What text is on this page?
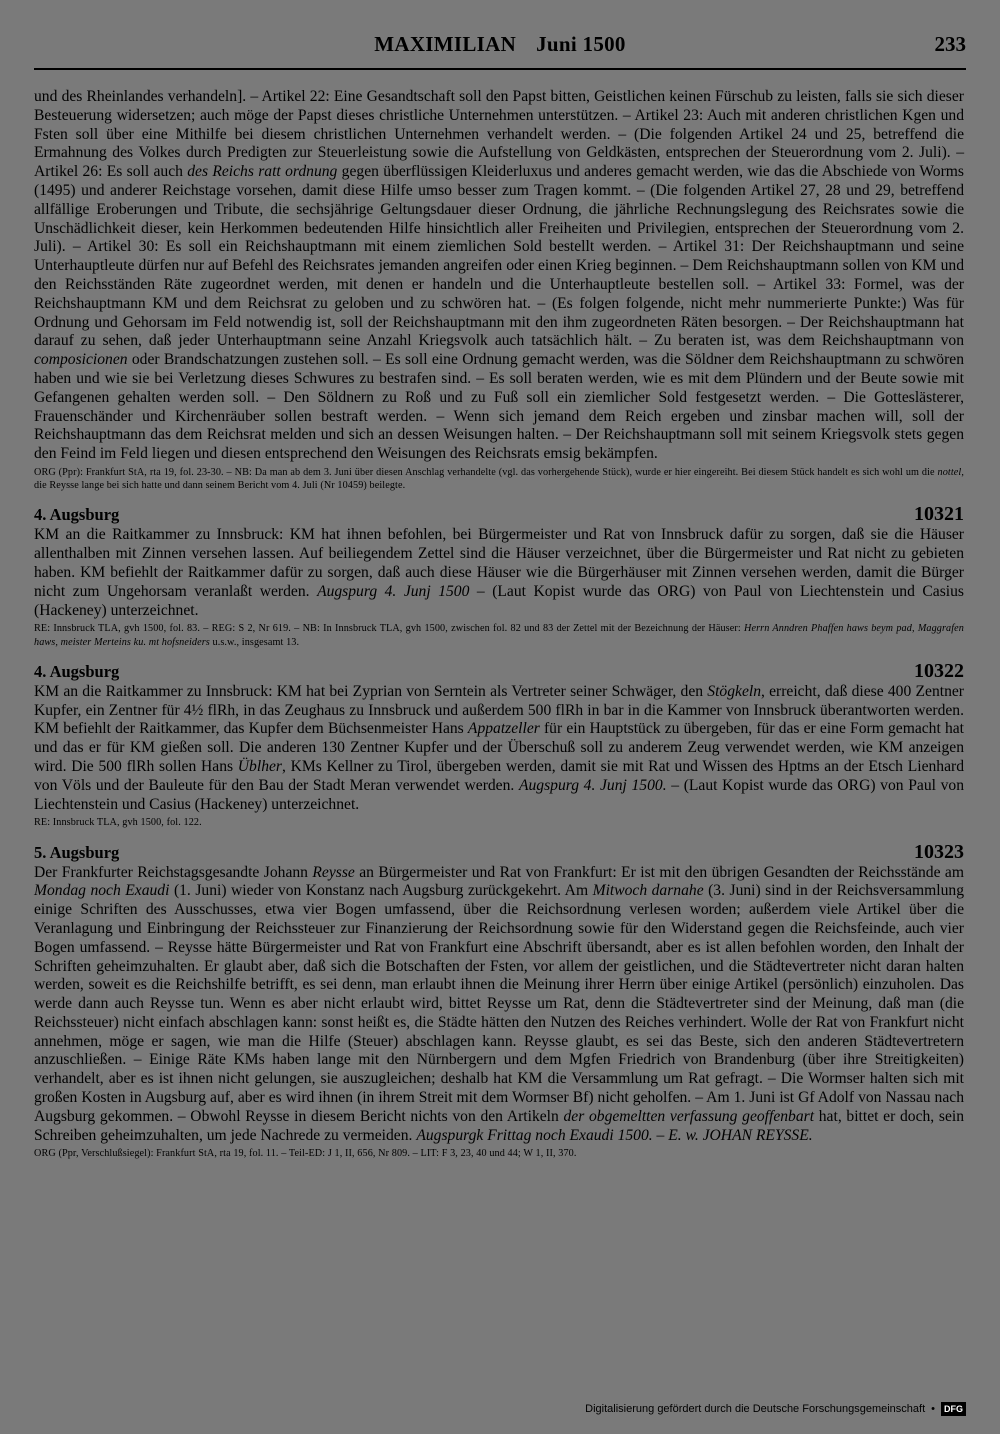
MAXIMILIAN Juni 1500	233

und des Rheinlandes verhandeln]. – Artikel 22: Eine Gesandtschaft soll den Papst bitten, Geistlichen keinen Fürschub zu leisten, falls sie sich dieser Besteuerung widersetzen; auch möge der Papst dieses christliche Unternehmen unterstützen. – Artikel 23: Auch mit anderen christlichen Kgen und Fsten soll über eine Mithilfe bei diesem christlichen Unternehmen verhandelt werden. – (Die folgenden Artikel 24 und 25, betreffend die Ermahnung des Volkes durch Predigten zur Steuerleistung sowie die Aufstellung von Geldkästen, entsprechen der Steuerordnung vom 2. Juli). – Artikel 26: Es soll auch des Reichs ratt ordnung gegen überflüssigen Kleiderluxus und anderes gemacht werden, wie das die Abschiede von Worms (1495) und anderer Reichstage vorsehen, damit diese Hilfe umso besser zum Tragen kommt. – (Die folgenden Artikel 27, 28 und 29, betreffend allfällige Eroberungen und Tribute, die sechsjährige Geltungsdauer dieser Ordnung, die jährliche Rechnungslegung des Reichsrates sowie die Unschädlichkeit dieser, kein Herkommen bedeutenden Hilfe hinsichtlich aller Freiheiten und Privilegien, entsprechen der Steuerordnung vom 2. Juli). – Artikel 30: Es soll ein Reichshauptmann mit einem ziemlichen Sold bestellt werden. – Artikel 31: Der Reichshauptmann und seine Unterhauptleute dürfen nur auf Befehl des Reichsrates jemanden angreifen oder einen Krieg beginnen. – Dem Reichshauptmann sollen von KM und den Reichsständen Räte zugeordnet werden, mit denen er handeln und die Unterhauptleute bestellen soll. – Artikel 33: Formel, was der Reichshauptmann KM und dem Reichsrat zu geloben und zu schwören hat. – (Es folgen folgende, nicht mehr nummerierte Punkte:) Was für Ordnung und Gehorsam im Feld notwendig ist, soll der Reichshauptmann mit den ihm zugeordneten Räten besorgen. – Der Reichshauptmann hat darauf zu sehen, daß jeder Unterhauptmann seine Anzahl Kriegsvolk auch tatsächlich hält. – Zu beraten ist, was dem Reichshauptmann von composicionen oder Brandschatzungen zustehen soll. – Es soll eine Ordnung gemacht werden, was die Söldner dem Reichshauptmann zu schwören haben und wie sie bei Verletzung dieses Schwures zu bestrafen sind. – Es soll beraten werden, wie es mit dem Plündern und der Beute sowie mit Gefangenen gehalten werden soll. – Den Söldnern zu Roß und zu Fuß soll ein ziemlicher Sold festgesetzt werden. – Die Gotteslästerer, Frauenschänder und Kirchenräuber sollen bestraft werden. – Wenn sich jemand dem Reich ergeben und zinsbar machen will, soll der Reichshauptmann das dem Reichsrat melden und sich an dessen Weisungen halten. – Der Reichshauptmann soll mit seinem Kriegsvolk stets gegen den Feind im Feld liegen und diesen entsprechend den Weisungen des Reichsrats emsig bekämpfen.

ORG (Ppr): Frankfurt StA, rta 19, fol. 23-30. – NB: Da man ab dem 3. Juni über diesen Anschlag verhandelte (vgl. das vorhergehende Stück), wurde er hier eingereiht. Bei diesem Stück handelt es sich wohl um die nottel, die Reysse lange bei sich hatte und dann seinem Bericht vom 4. Juli (Nr 10459) beilegte.

4. Augsburg	10321

KM an die Raitkammer zu Innsbruck: KM hat ihnen befohlen, bei Bürgermeister und Rat von Innsbruck dafür zu sorgen, daß sie die Häuser allenthalben mit Zinnen versehen lassen. Auf beiliegendem Zettel sind die Häuser verzeichnet, über die Bürgermeister und Rat nicht zu gebieten haben. KM befiehlt der Raitkammer dafür zu sorgen, daß auch diese Häuser wie die Bürgerhäuser mit Zinnen versehen werden, damit die Bürger nicht zum Ungehorsam veranlaßt werden. Augspurg 4. Junj 1500 – (Laut Kopist wurde das ORG) von Paul von Liechtenstein und Casius (Hackeney) unterzeichnet.

RE: Innsbruck TLA, gvh 1500, fol. 83. – REG: S 2, Nr 619. – NB: In Innsbruck TLA, gvh 1500, zwischen fol. 82 und 83 der Zettel mit der Bezeichnung der Häuser: Herrn Anndren Phaffen haws beym pad, Maggrafen haws, meister Merteins ku. mt hofsneiders u.s.w., insgesamt 13.

4. Augsburg	10322

KM an die Raitkammer zu Innsbruck: KM hat bei Zyprian von Serntein als Vertreter seiner Schwäger, den Stögkeln, erreicht, daß diese 400 Zentner Kupfer, ein Zentner für 4½ flRh, in das Zeughaus zu Innsbruck und außerdem 500 flRh in bar in die Kammer von Innsbruck überantworten werden. KM befiehlt der Raitkammer, das Kupfer dem Büchsenmeister Hans Appatzeller für ein Hauptstück zu übergeben, für das er eine Form gemacht hat und das er für KM gießen soll. Die anderen 130 Zentner Kupfer und der Überschuß soll zu anderem Zeug verwendet werden, wie KM anzeigen wird. Die 500 flRh sollen Hans Üblher, KMs Kellner zu Tirol, übergeben werden, damit sie mit Rat und Wissen des Hptms an der Etsch Lienhard von Völs und der Bauleute für den Bau der Stadt Meran verwendet werden. Augspurg 4. Junj 1500. – (Laut Kopist wurde das ORG) von Paul von Liechtenstein und Casius (Hackeney) unterzeichnet.

RE: Innsbruck TLA, gvh 1500, fol. 122.

5. Augsburg	10323

Der Frankfurter Reichstagsgesandte Johann Reysse an Bürgermeister und Rat von Frankfurt: Er ist mit den übrigen Gesandten der Reichsstände am Mondag noch Exaudi (1. Juni) wieder von Konstanz nach Augsburg zurückgekehrt. Am Mitwoch darnahe (3. Juni) sind in der Reichsversammlung einige Schriften des Ausschusses, etwa vier Bogen umfassend, über die Reichsordnung verlesen worden; außerdem viele Artikel über die Veranlagung und Einbringung der Reichssteuer zur Finanzierung der Reichsordnung sowie für den Widerstand gegen die Reichsfeinde, auch vier Bogen umfassend. – Reysse hätte Bürgermeister und Rat von Frankfurt eine Abschrift übersandt, aber es ist allen befohlen worden, den Inhalt der Schriften geheimzuhalten. Er glaubt aber, daß sich die Botschaften der Fsten, vor allem der geistlichen, und die Städtevertreter nicht daran halten werden, soweit es die Reichshilfe betrifft, es sei denn, man erlaubt ihnen die Meinung ihrer Herrn über einige Artikel (persönlich) einzuholen. Das werde dann auch Reysse tun. Wenn es aber nicht erlaubt wird, bittet Reysse um Rat, denn die Städtevertreter sind der Meinung, daß man (die Reichssteuer) nicht einfach abschlagen kann: sonst heißt es, die Städte hätten den Nutzen des Reiches verhindert. Wolle der Rat von Frankfurt nicht annehmen, möge er sagen, wie man die Hilfe (Steuer) abschlagen kann. Reysse glaubt, es sei das Beste, sich den anderen Städtevertretern anzuschließen. – Einige Räte KMs haben lange mit den Nürnbergern und dem Mgfen Friedrich von Brandenburg (über ihre Streitigkeiten) verhandelt, aber es ist ihnen nicht gelungen, sie auszugleichen; deshalb hat KM die Versammlung um Rat gefragt. – Die Wormser halten sich mit großen Kosten in Augsburg auf, aber es wird ihnen (in ihrem Streit mit dem Wormser Bf) nicht geholfen. – Am 1. Juni ist Gf Adolf von Nassau nach Augsburg gekommen. – Obwohl Reysse in diesem Bericht nichts von den Artikeln der obgemeltten verfassung geoffenbart hat, bittet er doch, sein Schreiben geheimzuhalten, um jede Nachrede zu vermeiden. Augspurgk Frittag noch Exaudi 1500. – E. w. JOHAN REYSSE.

ORG (Ppr, Verschlußsiegel): Frankfurt StA, rta 19, fol. 11. – Teil-ED: J 1, II, 656, Nr 809. – LIT: F 3, 23, 40 und 44; W 1, II, 370.

Digitalisierung gefördert durch die Deutsche Forschungsgemeinschaft •	DFG
